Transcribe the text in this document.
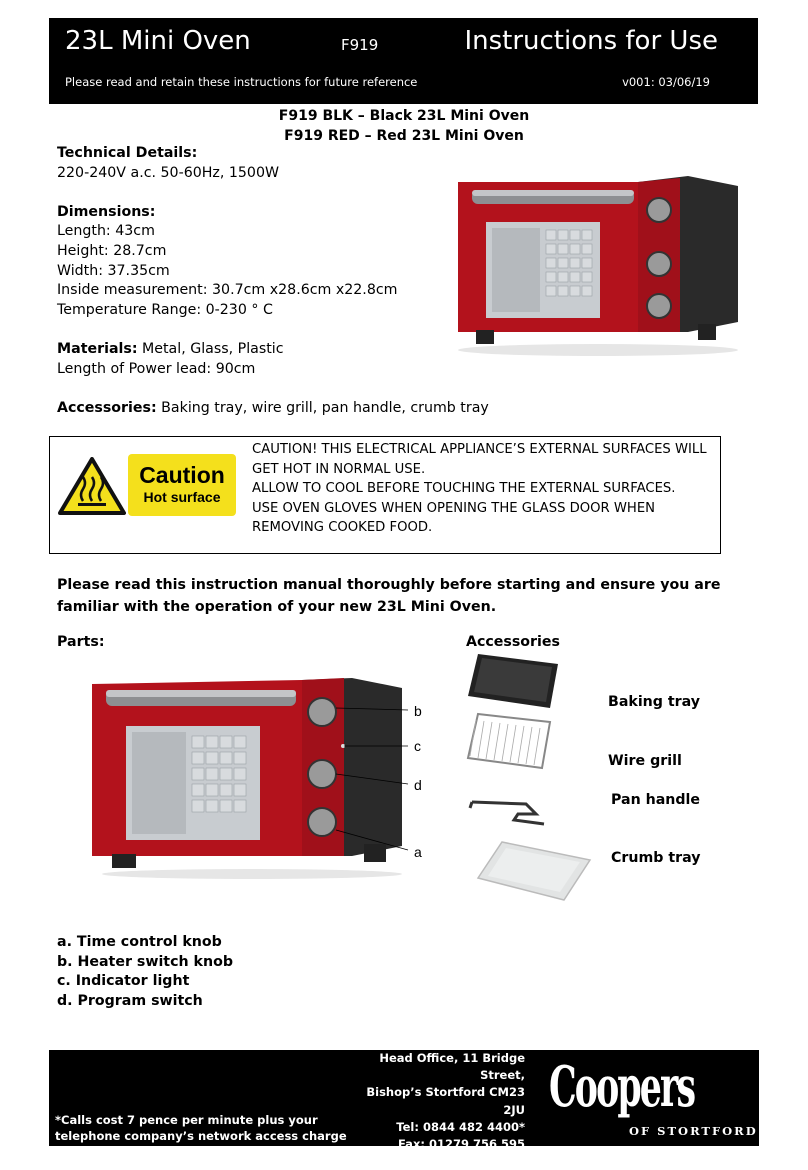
23L Mini Oven	F919	Instructions for Use
Please read and retain these instructions for future reference	v001: 03/06/19
F919 BLK – Black 23L Mini Oven
F919 RED – Red 23L Mini Oven
Technical Details:
220-240V a.c. 50-60Hz, 1500W
Dimensions:
Length: 43cm
Height: 28.7cm
Width: 37.35cm
Inside measurement: 30.7cm x28.6cm x22.8cm
Temperature Range: 0-230 ° C
Materials: Metal, Glass, Plastic
Length of Power lead: 90cm
Accessories: Baking tray, wire grill, pan handle, crumb tray
Caution
Hot surface
CAUTION! THIS ELECTRICAL APPLIANCE’S EXTERNAL SURFACES WILL
GET HOT IN NORMAL USE.
ALLOW TO COOL BEFORE TOUCHING THE EXTERNAL SURFACES.
USE OVEN GLOVES WHEN OPENING THE GLASS DOOR WHEN
REMOVING COOKED FOOD.
Please read this instruction manual thoroughly before starting and ensure you are familiar with the operation of your new 23L Mini Oven.
Parts:	Accessories
b
c
d
a
Baking tray
Wire grill
Pan handle
Crumb tray
a. Time control knob
b. Heater switch knob
c. Indicator light
d. Program switch
Head Office, 11 Bridge Street,
Bishop’s Stortford CM23 2JU
Tel: 0844 482 4400*
Fax: 01279 756 595
www.coopersofstortford.co.uk
*Calls cost 7 pence per minute plus your
telephone company’s network access charge
Coopers
OF STORTFORD
